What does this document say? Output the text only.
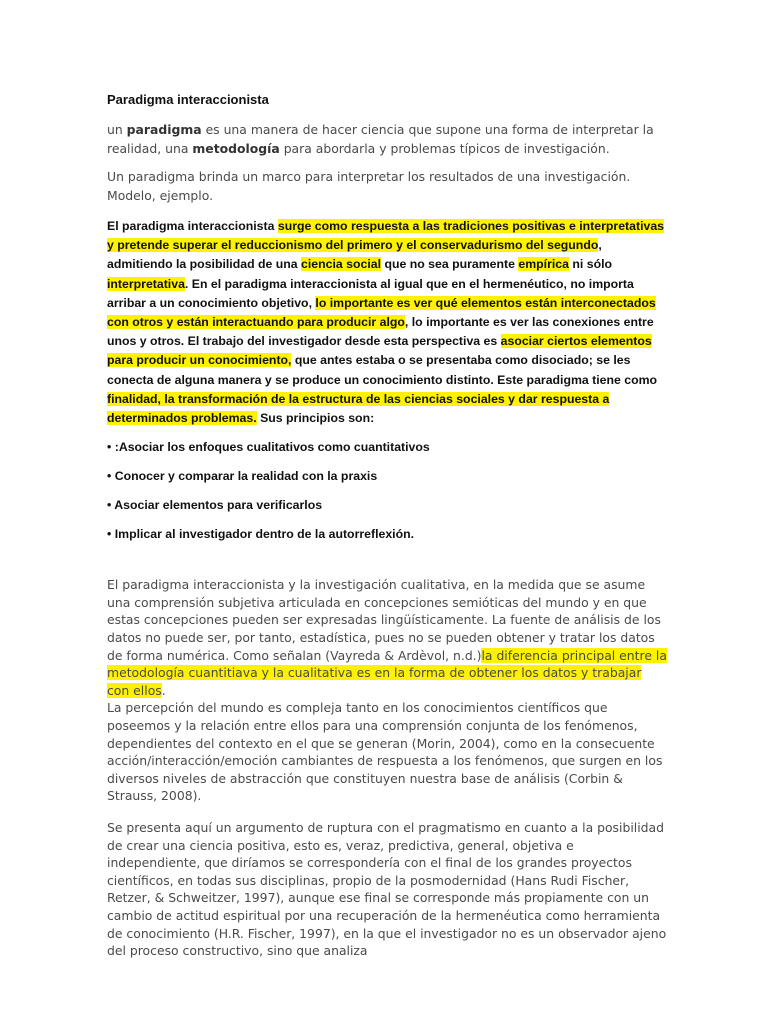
Paradigma interaccionista

un paradigma es una manera de hacer ciencia que supone una forma de interpretar la realidad, una metodología para abordarla y problemas típicos de investigación.

Un paradigma brinda un marco para interpretar los resultados de una investigación. Modelo, ejemplo.

El paradigma interaccionista surge como respuesta a las tradiciones positivas e interpretativas y pretende superar el reduccionismo del primero y el conservadurismo del segundo, admitiendo la posibilidad de una ciencia social que no sea puramente empírica ni sólo interpretativa. En el paradigma interaccionista al igual que en el hermenéutico, no importa arribar a un conocimiento objetivo, lo importante es ver qué elementos están interconectados con otros y están interactuando para producir algo, lo importante es ver las conexiones entre unos y otros. El trabajo del investigador desde esta perspectiva es asociar ciertos elementos para producir un conocimiento, que antes estaba o se presentaba como disociado; se les conecta de alguna manera y se produce un conocimiento distinto. Este paradigma tiene como finalidad, la transformación de la estructura de las ciencias sociales y dar respuesta a determinados problemas. Sus principios son:

• :Asociar los enfoques cualitativos como cuantitativos

• Conocer y comparar la realidad con la praxis

• Asociar elementos para verificarlos

• Implicar al investigador dentro de la autorreflexión.

El paradigma interaccionista y la investigación cualitativa, en la medida que se asume una comprensión subjetiva articulada en concepciones semióticas del mundo y en que estas concepciones pueden ser expresadas lingüísticamente. La fuente de análisis de los datos no puede ser, por tanto, estadística, pues no se pueden obtener y tratar los datos de forma numérica. Como señalan (Vayreda & Ardèvol, n.d.)la diferencia principal entre la metodología cuantitiava y la cualitativa es en la forma de obtener los datos y trabajar con ellos.

La percepción del mundo es compleja tanto en los conocimientos científicos que poseemos y la relación entre ellos para una comprensión conjunta de los fenómenos, dependientes del contexto en el que se generan (Morin, 2004), como en la consecuente acción/interacción/emoción cambiantes de respuesta a los fenómenos, que surgen en los diversos niveles de abstracción que constituyen nuestra base de análisis (Corbin & Strauss, 2008).

Se presenta aquí un argumento de ruptura con el pragmatismo en cuanto a la posibilidad de crear una ciencia positiva, esto es, veraz, predictiva, general, objetiva e independiente, que diríamos se correspondería con el final de los grandes proyectos científicos, en todas sus disciplinas, propio de la posmodernidad (Hans Rudi Fischer, Retzer, & Schweitzer, 1997), aunque ese final se corresponde más propiamente con un cambio de actitud espiritual por una recuperación de la hermenéutica como herramienta de conocimiento (H.R. Fischer, 1997), en la que el investigador no es un observador ajeno del proceso constructivo, sino que analiza
